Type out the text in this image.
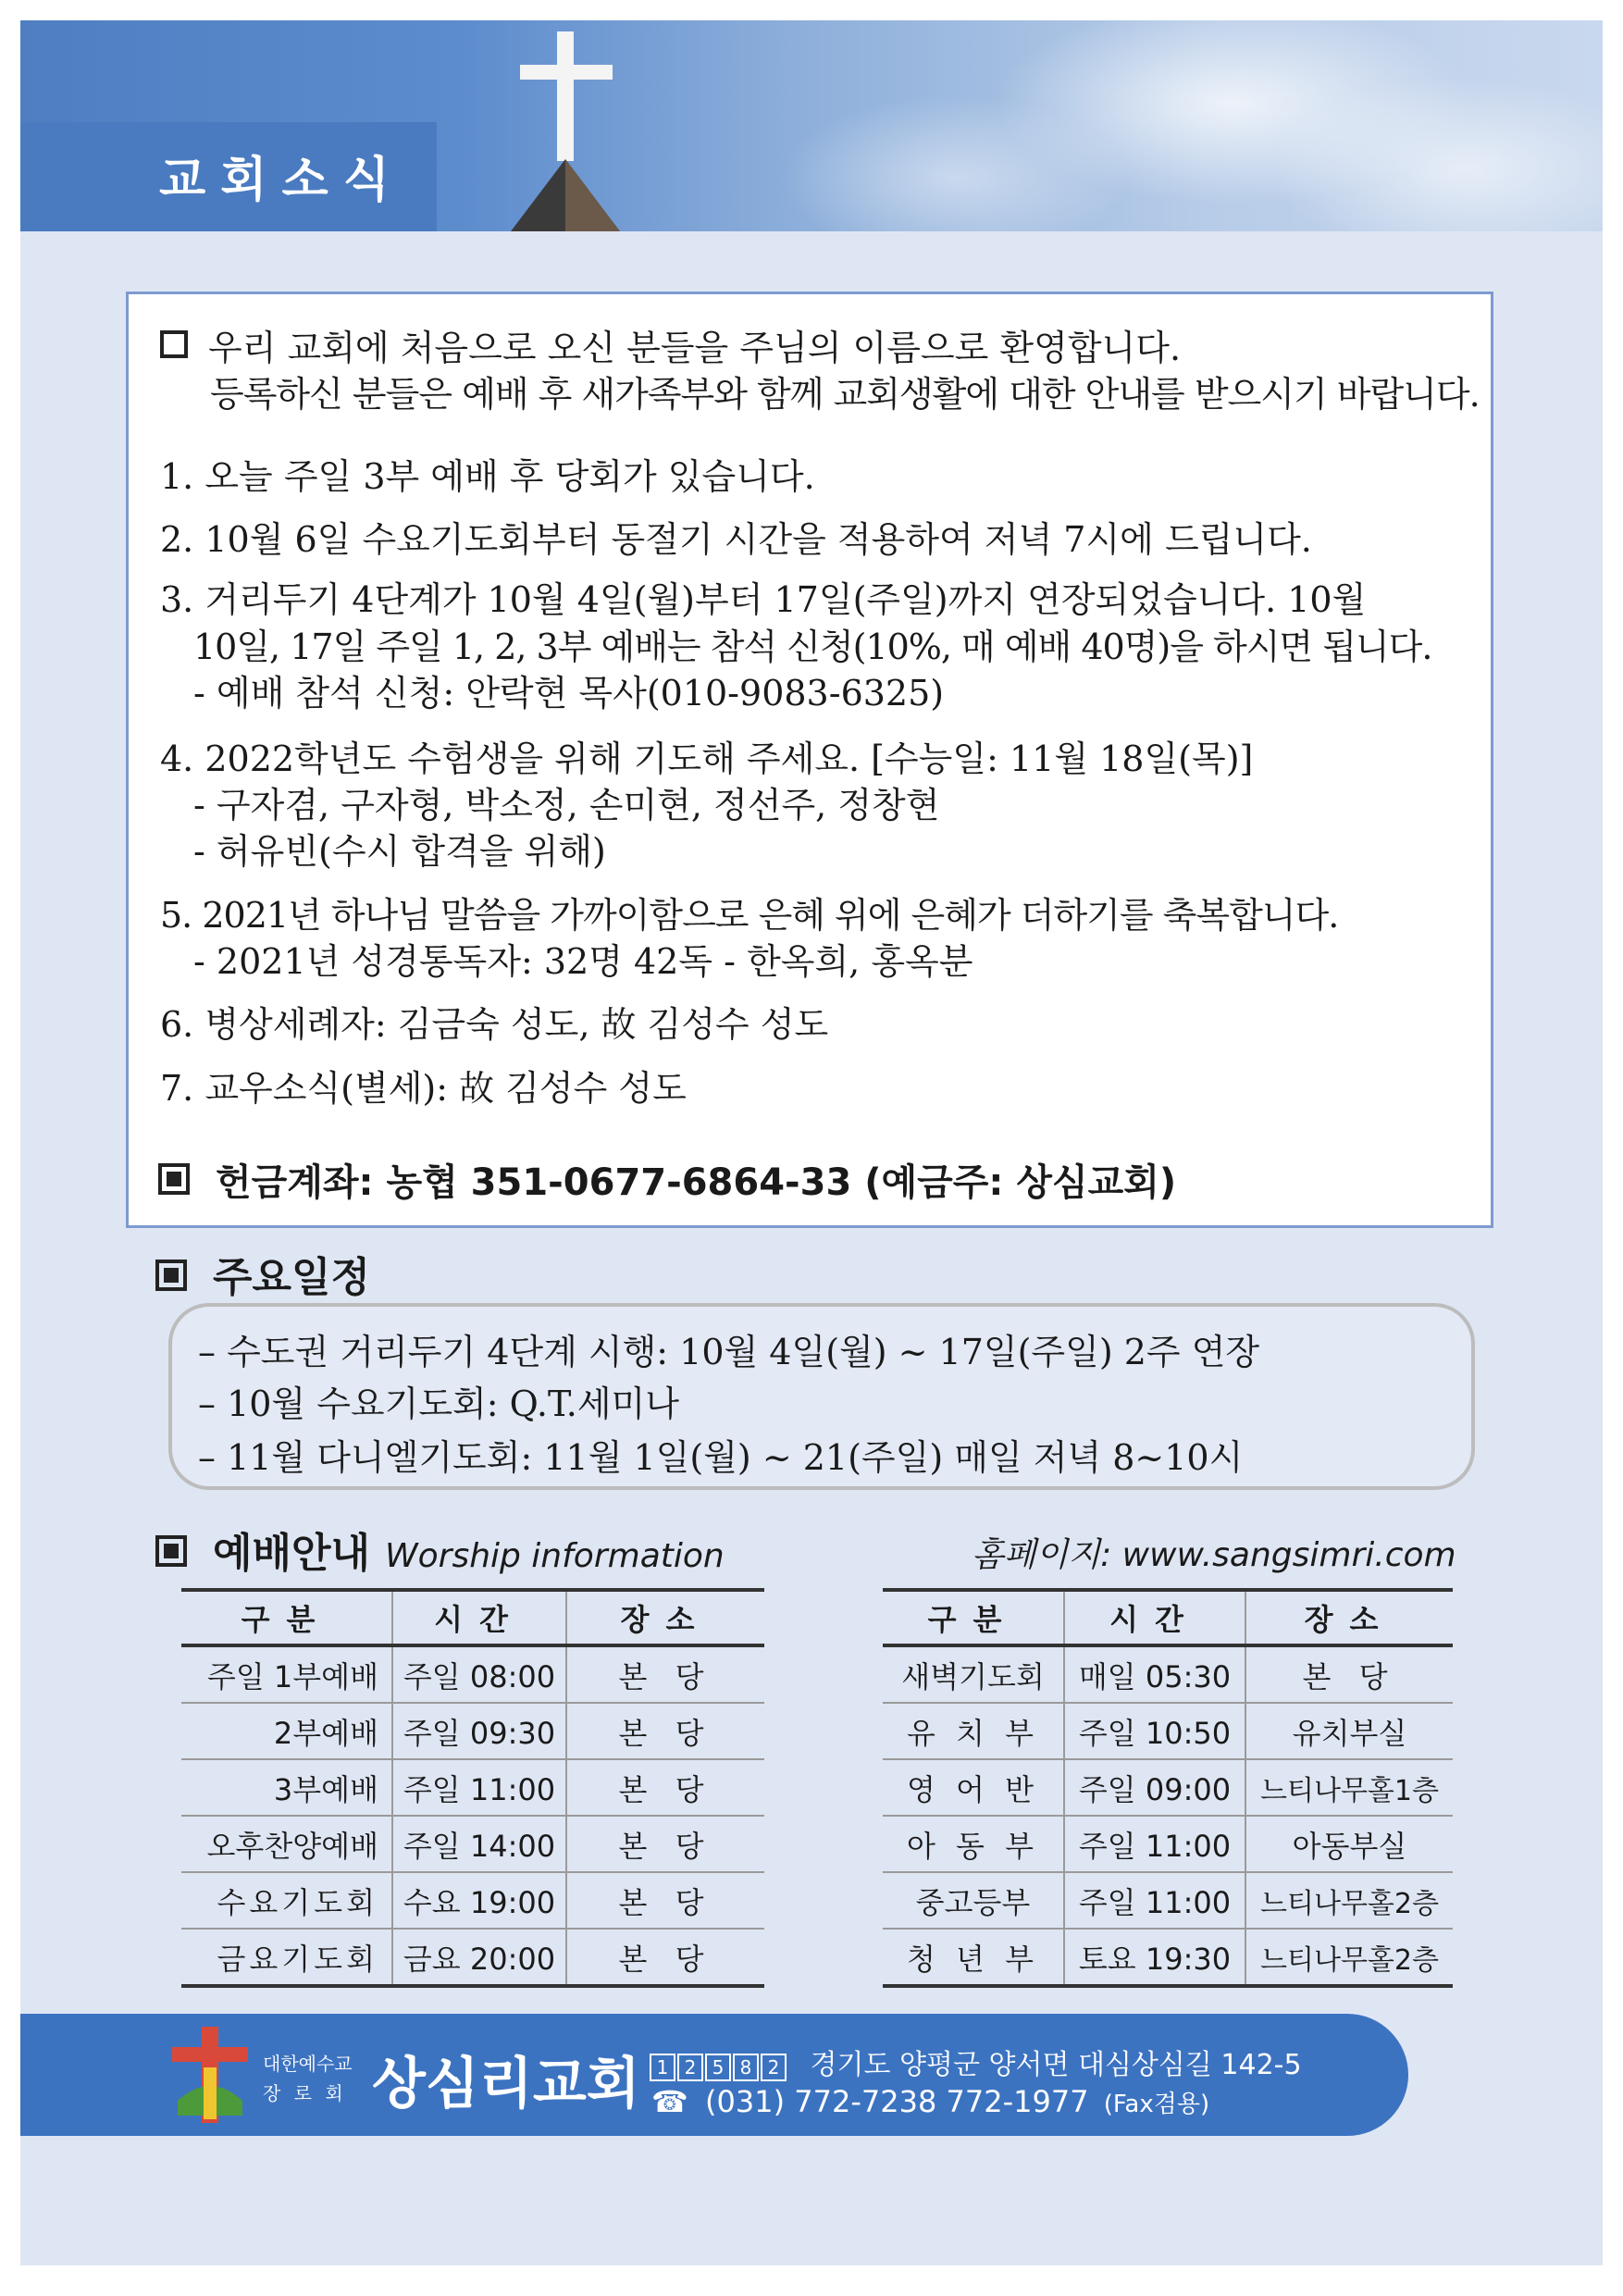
교회소식
우리 교회에 처음으로 오신 분들을 주님의 이름으로 환영합니다.
등록하신 분들은 예배 후 새가족부와 함께 교회생활에 대한 안내를 받으시기 바랍니다.
1. 오늘 주일 3부 예배 후 당회가 있습니다.
2. 10월 6일 수요기도회부터 동절기 시간을 적용하여 저녁 7시에 드립니다.
3. 거리두기 4단계가 10월 4일(월)부터 17일(주일)까지 연장되었습니다. 10월
10일, 17일 주일 1, 2, 3부 예배는 참석 신청(10%, 매 예배 40명)을 하시면 됩니다.
- 예배 참석 신청: 안락현 목사(010-9083-6325)
4. 2022학년도 수험생을 위해 기도해 주세요. [수능일: 11월 18일(목)]
- 구자겸, 구자형, 박소정, 손미현, 정선주, 정창현
- 허유빈(수시 합격을 위해)
5. 2021년 하나님 말씀을 가까이함으로 은혜 위에 은혜가 더하기를 축복합니다.
- 2021년 성경통독자: 32명 42독 - 한옥희, 홍옥분
6. 병상세례자: 김금숙 성도, 故 김성수 성도
7. 교우소식(별세): 故 김성수 성도
헌금계좌: 농협 351-0677-6864-33 (예금주: 상심교회)
주요일정
– 수도권 거리두기 4단계 시행: 10월 4일(월) ~ 17일(주일) 2주 연장
– 10월 수요기도회: Q.T.세미나
– 11월 다니엘기도회: 11월 1일(월) ~ 21(주일) 매일 저녁 8~10시
예배안내 Worship information	홈페이지: www.sangsimri.com
구분	시간	장소
주일 1부예배	주일 08:00	본 당
2부예배	주일 09:30	본 당
3부예배	주일 11:00	본 당
오후찬양예배	주일 14:00	본 당
수요기도회	수요 19:00	본 당
금요기도회	금요 20:00	본 당
구분	시간	장소
새벽기도회	매일 05:30	본 당
유 치 부	주일 10:50	유치부실
영 어 반	주일 09:00	느티나무홀1층
아 동 부	주일 11:00	아동부실
중고등부	주일 11:00	느티나무홀2층
청 년 부	토요 19:30	느티나무홀2층
대한예수교
장 로 회 상심리교회 1 2 5 8 2 경기도 양평군 양서면 대심상심길 142-5
☎ (031) 772-7238 772-1977 (Fax겸용)
